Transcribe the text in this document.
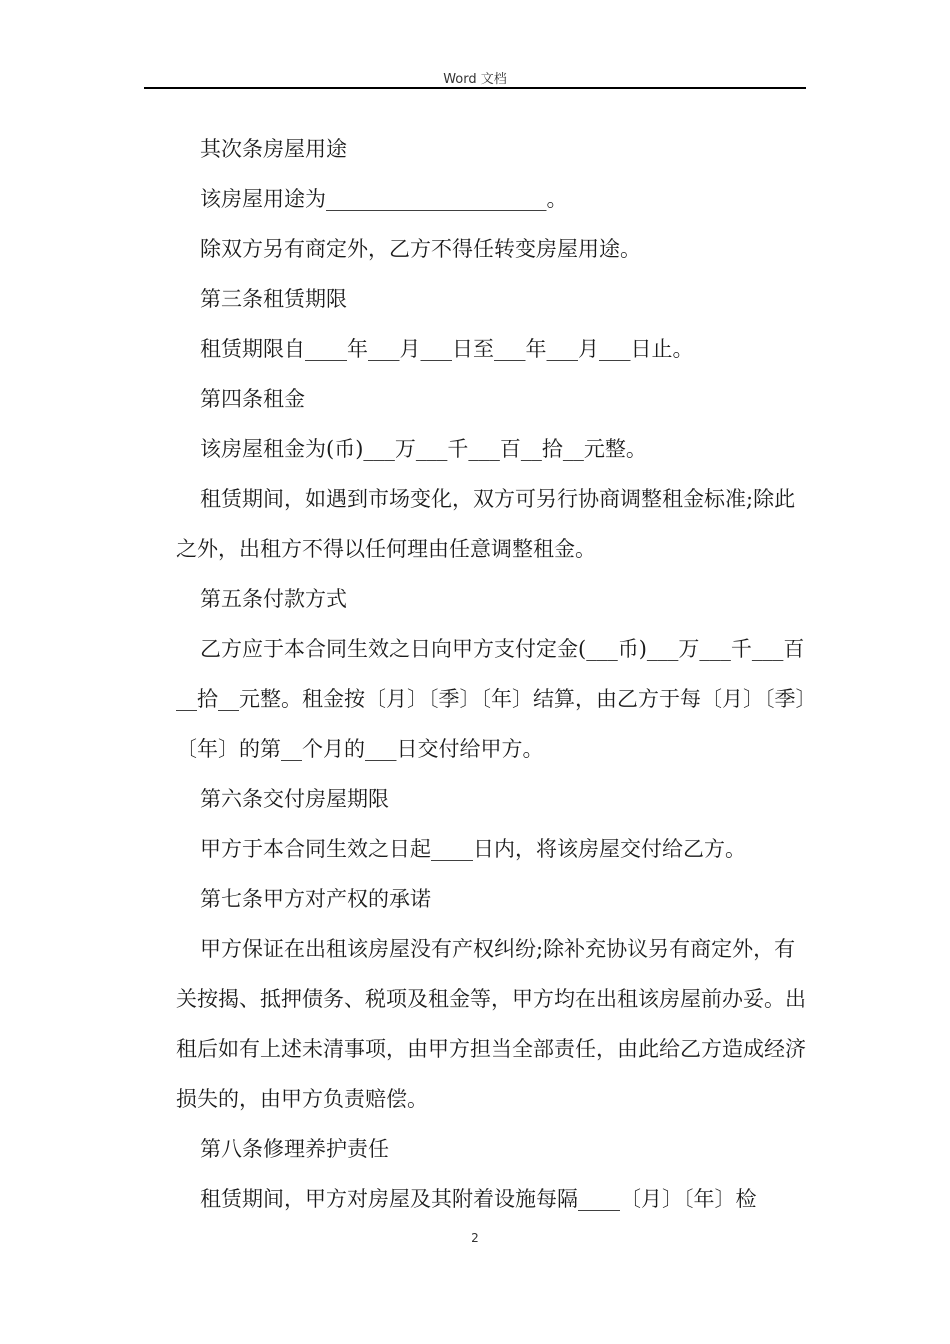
Word 文档

其次条房屋用途

该房屋用途为_____________________。

除双方另有商定外，乙方不得任转变房屋用途。

第三条租赁期限

租赁期限自____年___月___日至___年___月___日止。

第四条租金

该房屋租金为(币)___万___千___百__拾__元整。

租赁期间，如遇到市场变化，双方可另行协商调整租金标准;除此之外，出租方不得以任何理由任意调整租金。

第五条付款方式

乙方应于本合同生效之日向甲方支付定金(___币)___万___千___百__拾__元整。租金按〔月〕〔季〕〔年〕结算，由乙方于每〔月〕〔季〕〔年〕的第__个月的___日交付给甲方。

第六条交付房屋期限

甲方于本合同生效之日起____日内，将该房屋交付给乙方。

第七条甲方对产权的承诺

甲方保证在出租该房屋没有产权纠纷;除补充协议另有商定外，有关按揭、抵押债务、税项及租金等，甲方均在出租该房屋前办妥。出租后如有上述未清事项，由甲方担当全部责任，由此给乙方造成经济损失的，由甲方负责赔偿。

第八条修理养护责任

租赁期间，甲方对房屋及其附着设施每隔____〔月〕〔年〕检

2
